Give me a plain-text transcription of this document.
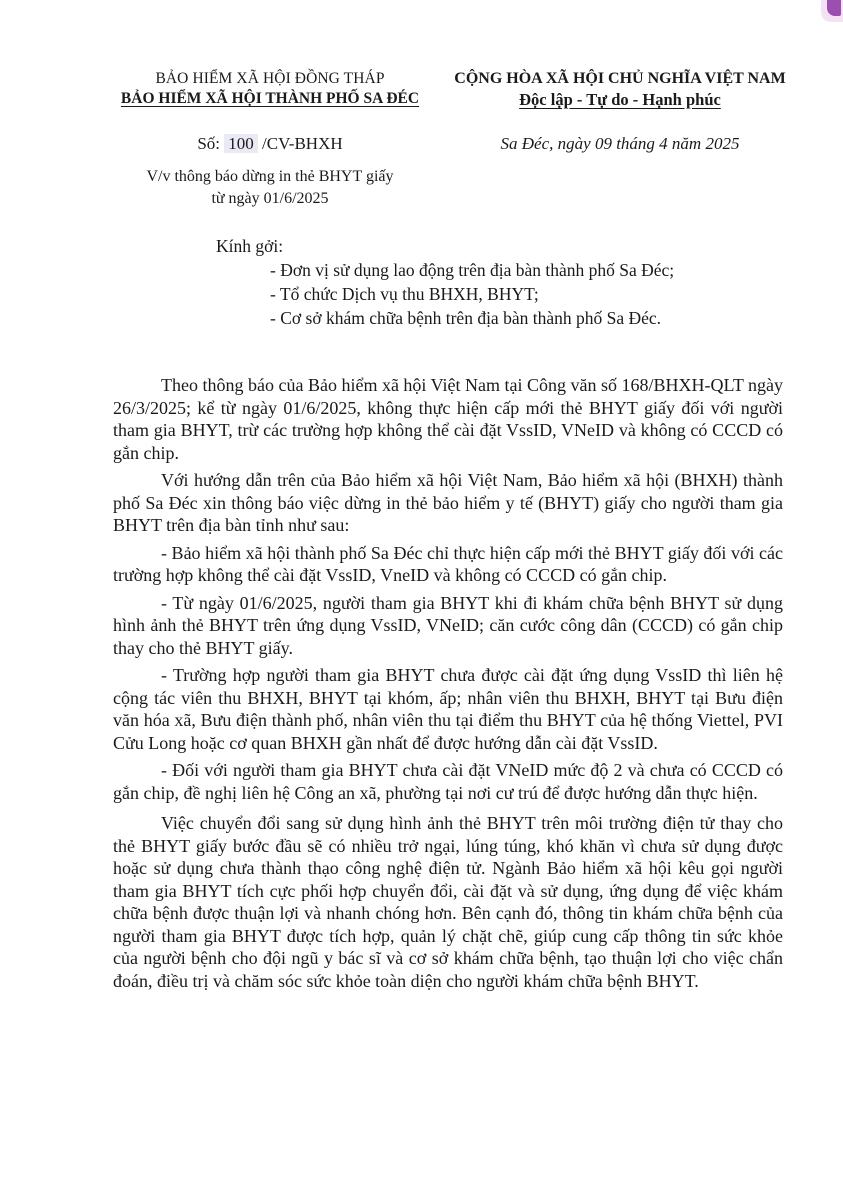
BẢO HIỂM XÃ HỘI ĐỒNG THÁP
BẢO HIỂM XÃ HỘI THÀNH PHỐ SA ĐÉC
CỘNG HÒA XÃ HỘI CHỦ NGHĨA VIỆT NAM
Độc lập - Tự do - Hạnh phúc
Số: 100 /CV-BHXH	Sa Đéc, ngày 09 tháng 4 năm 2025
V/v thông báo dừng in thẻ BHYT giấy
từ ngày 01/6/2025
Kính gởi:
- Đơn vị sử dụng lao động trên địa bàn thành phố Sa Đéc;
- Tổ chức Dịch vụ thu BHXH, BHYT;
- Cơ sở khám chữa bệnh trên địa bàn thành phố Sa Đéc.

Theo thông báo của Bảo hiểm xã hội Việt Nam tại Công văn số 168/BHXH-QLT ngày 26/3/2025; kể từ ngày 01/6/2025, không thực hiện cấp mới thẻ BHYT giấy đối với người tham gia BHYT, trừ các trường hợp không thể cài đặt VssID, VNeID và không có CCCD có gắn chip.

Với hướng dẫn trên của Bảo hiểm xã hội Việt Nam, Bảo hiểm xã hội (BHXH) thành phố Sa Đéc xin thông báo việc dừng in thẻ bảo hiểm y tế (BHYT) giấy cho người tham gia BHYT trên địa bàn tỉnh như sau:

- Bảo hiểm xã hội thành phố Sa Đéc chỉ thực hiện cấp mới thẻ BHYT giấy đối với các trường hợp không thể cài đặt VssID, VneID và không có CCCD có gắn chip.

- Từ ngày 01/6/2025, người tham gia BHYT khi đi khám chữa bệnh BHYT sử dụng hình ảnh thẻ BHYT trên ứng dụng VssID, VNeID; căn cước công dân (CCCD) có gắn chip thay cho thẻ BHYT giấy.

- Trường hợp người tham gia BHYT chưa được cài đặt ứng dụng VssID thì liên hệ cộng tác viên thu BHXH, BHYT tại khóm, ấp; nhân viên thu BHXH, BHYT tại Bưu điện văn hóa xã, Bưu điện thành phố, nhân viên thu tại điểm thu BHYT của hệ thống Viettel, PVI Cửu Long hoặc cơ quan BHXH gần nhất để được hướng dẫn cài đặt VssID.

- Đối với người tham gia BHYT chưa cài đặt VNeID mức độ 2 và chưa có CCCD có gắn chip, đề nghị liên hệ Công an xã, phường tại nơi cư trú để được hướng dẫn thực hiện.

Việc chuyển đổi sang sử dụng hình ảnh thẻ BHYT trên môi trường điện tử thay cho thẻ BHYT giấy bước đầu sẽ có nhiều trở ngại, lúng túng, khó khăn vì chưa sử dụng được hoặc sử dụng chưa thành thạo công nghệ điện tử. Ngành Bảo hiểm xã hội kêu gọi người tham gia BHYT tích cực phối hợp chuyển đổi, cài đặt và sử dụng, ứng dụng để việc khám chữa bệnh được thuận lợi và nhanh chóng hơn. Bên cạnh đó, thông tin khám chữa bệnh của người tham gia BHYT được tích hợp, quản lý chặt chẽ, giúp cung cấp thông tin sức khỏe của người bệnh cho đội ngũ y bác sĩ và cơ sở khám chữa bệnh, tạo thuận lợi cho việc chẩn đoán, điều trị và chăm sóc sức khỏe toàn diện cho người khám chữa bệnh BHYT.
